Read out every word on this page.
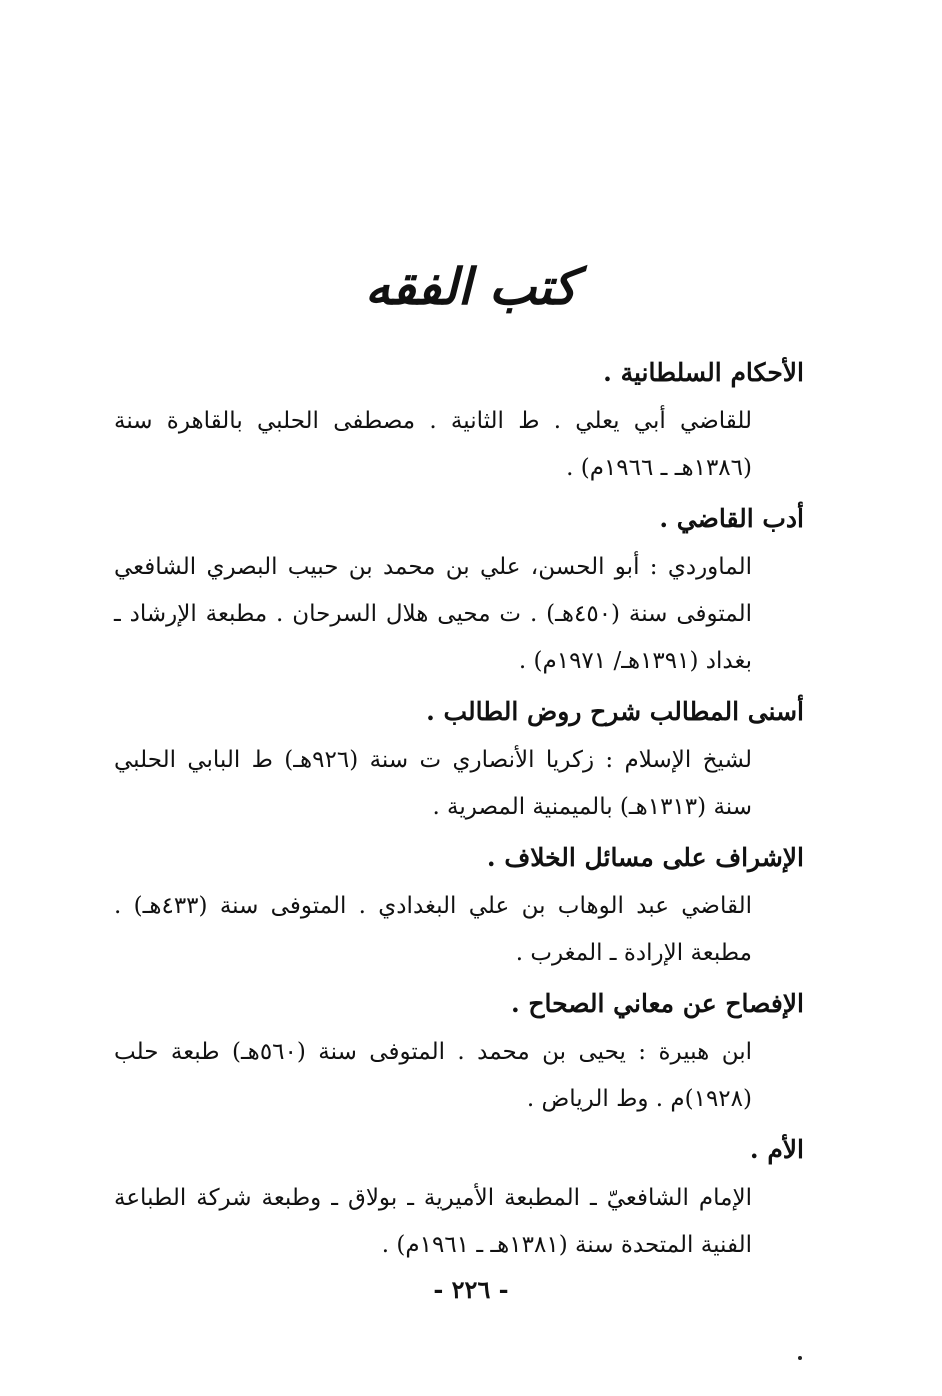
كتب الفقه
الأحكام السلطانية .
للقاضي أبي يعلي . ط الثانية . مصطفى الحلبي بالقاهرة سنة (١٣٨٦هـ ـ ١٩٦٦م) .
أدب القاضي .
الماوردي : أبو الحسن، علي بن محمد بن حبيب البصري الشافعي المتوفى سنة (٤٥٠هـ) . ت محيى هلال السرحان . مطبعة الإرشاد ـ بغداد (١٣٩١هـ/ ١٩٧١م) .
أسنى المطالب شرح روض الطالب .
لشيخ الإسلام : زكريا الأنصاري ت سنة (٩٢٦هـ) ط البابي الحلبي سنة (١٣١٣هـ) بالميمنية المصرية .
الإشراف على مسائل الخلاف .
القاضي عبد الوهاب بن علي البغدادي . المتوفى سنة (٤٣٣هـ) . مطبعة الإرادة ـ المغرب .
الإفصاح عن معاني الصحاح .
ابن هبيرة : يحيى بن محمد . المتوفى سنة (٥٦٠هـ) طبعة حلب (١٩٢٨)م . وط الرياض .
الأم .
الإمام الشافعيّ ـ المطبعة الأميرية ـ بولاق ـ وطبعة شركة الطباعة الفنية المتحدة سنة (١٣٨١هـ ـ ١٩٦١م) .
- ٢٢٦ -
